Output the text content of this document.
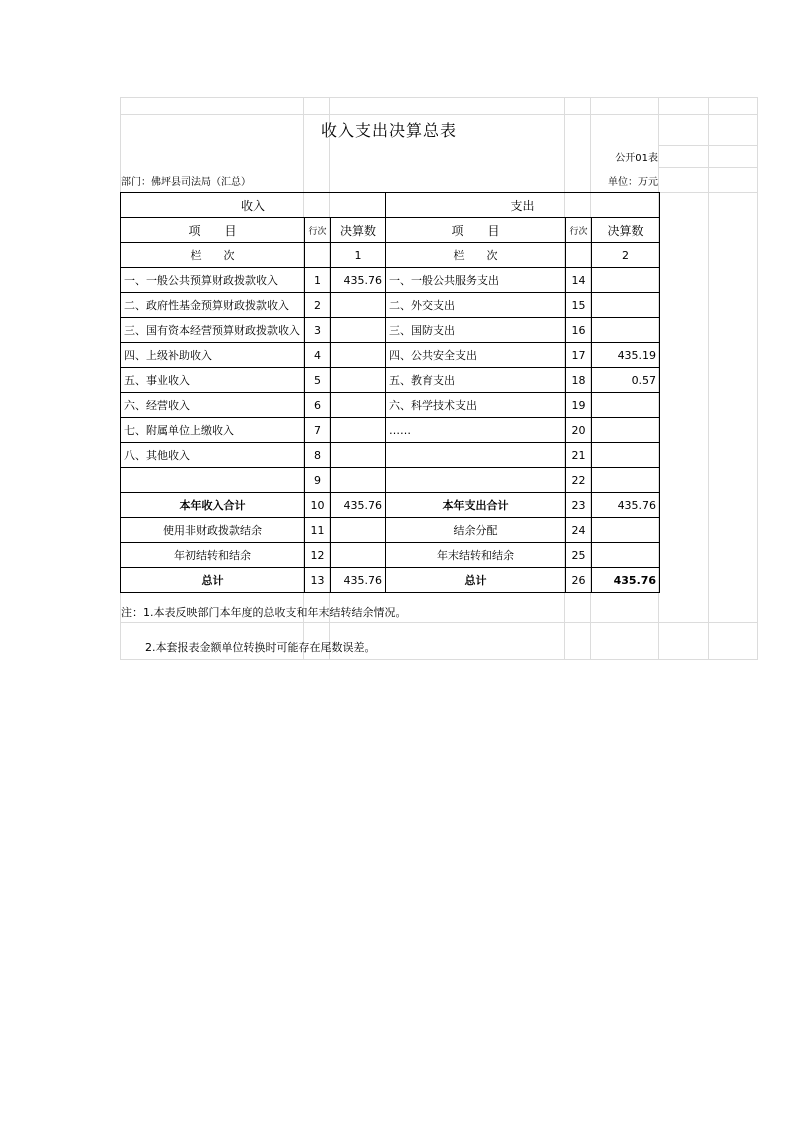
收入支出决算总表
公开01表
部门：佛坪县司法局（汇总）	单位：万元
收入			支出		
项　　目	行次	决算数	项　　目	行次	决算数
栏　　次		1	栏　　次		2
一、一般公共预算财政拨款收入	1	435.76	一、一般公共服务支出	14	
二、政府性基金预算财政拨款收入	2		二、外交支出	15	
三、国有资本经营预算财政拨款收入	3		三、国防支出	16	
四、上级补助收入	4		四、公共安全支出	17	435.19
五、事业收入	5		五、教育支出	18	0.57
六、经营收入	6		六、科学技术支出	19	
七、附属单位上缴收入	7		……	20	
八、其他收入	8			21	
	9			22	
本年收入合计	10	435.76	本年支出合计	23	435.76
使用非财政拨款结余	11		结余分配	24	
年初结转和结余	12		年末结转和结余	25	
总计	13	435.76	总计	26	435.76
注：1.本表反映部门本年度的总收支和年末结转结余情况。
2.本套报表金额单位转换时可能存在尾数误差。
